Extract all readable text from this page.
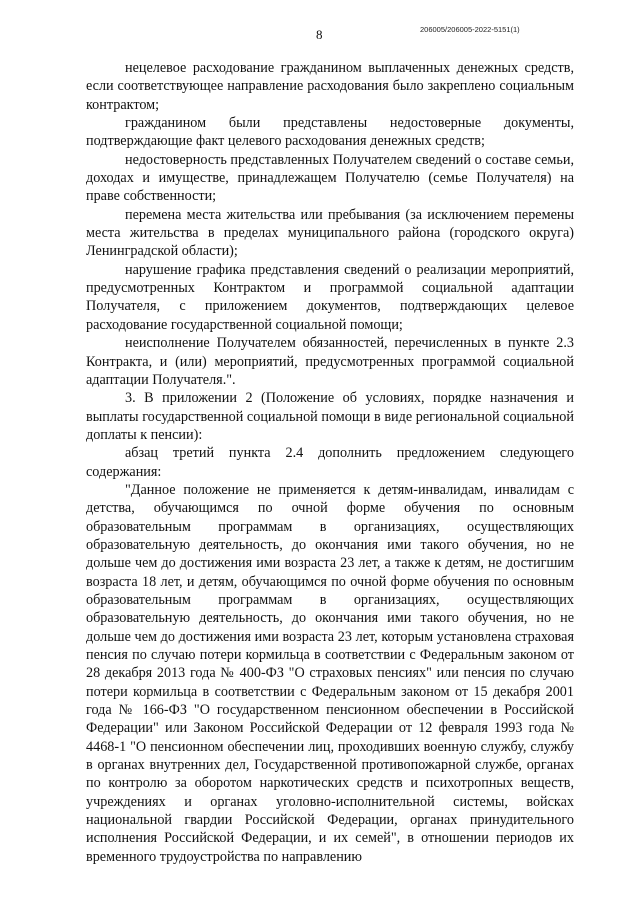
8	206005/206005-2022-5151(1)

нецелевое расходование гражданином выплаченных денежных средств, если соответствующее направление расходования было закреплено социальным контрактом;

гражданином были представлены недостоверные документы, подтверждающие факт целевого расходования денежных средств;

недостоверность представленных Получателем сведений о составе семьи, доходах и имуществе, принадлежащем Получателю (семье Получателя) на праве собственности;

перемена места жительства или пребывания (за исключением перемены места жительства в пределах муниципального района (городского округа) Ленинградской области);

нарушение графика представления сведений о реализации мероприятий, предусмотренных Контрактом и программой социальной адаптации Получателя, с приложением документов, подтверждающих целевое расходование государственной социальной помощи;

неисполнение Получателем обязанностей, перечисленных в пункте 2.3 Контракта, и (или) мероприятий, предусмотренных программой социальной адаптации Получателя.".

3. В приложении 2 (Положение об условиях, порядке назначения и выплаты государственной социальной помощи в виде региональной социальной доплаты к пенсии):

абзац третий пункта 2.4 дополнить предложением следующего содержания:

"Данное положение не применяется к детям-инвалидам, инвалидам с детства, обучающимся по очной форме обучения по основным образовательным программам в организациях, осуществляющих образовательную деятельность, до окончания ими такого обучения, но не дольше чем до достижения ими возраста 23 лет, а также к детям, не достигшим возраста 18 лет, и детям, обучающимся по очной форме обучения по основным образовательным программам в организациях, осуществляющих образовательную деятельность, до окончания ими такого обучения, но не дольше чем до достижения ими возраста 23 лет, которым установлена страховая пенсия по случаю потери кормильца в соответствии с Федеральным законом от 28 декабря 2013 года № 400-ФЗ "О страховых пенсиях" или пенсия по случаю потери кормильца в соответствии с Федеральным законом от 15 декабря 2001 года № 166-ФЗ "О государственном пенсионном обеспечении в Российской Федерации" или Законом Российской Федерации от 12 февраля 1993 года № 4468-1 "О пенсионном обеспечении лиц, проходивших военную службу, службу в органах внутренних дел, Государственной противопожарной службе, органах по контролю за оборотом наркотических средств и психотропных веществ, учреждениях и органах уголовно-исполнительной системы, войсках национальной гвардии Российской Федерации, органах принудительного исполнения Российской Федерации, и их семей", в отношении периодов их временного трудоустройства по направлению
